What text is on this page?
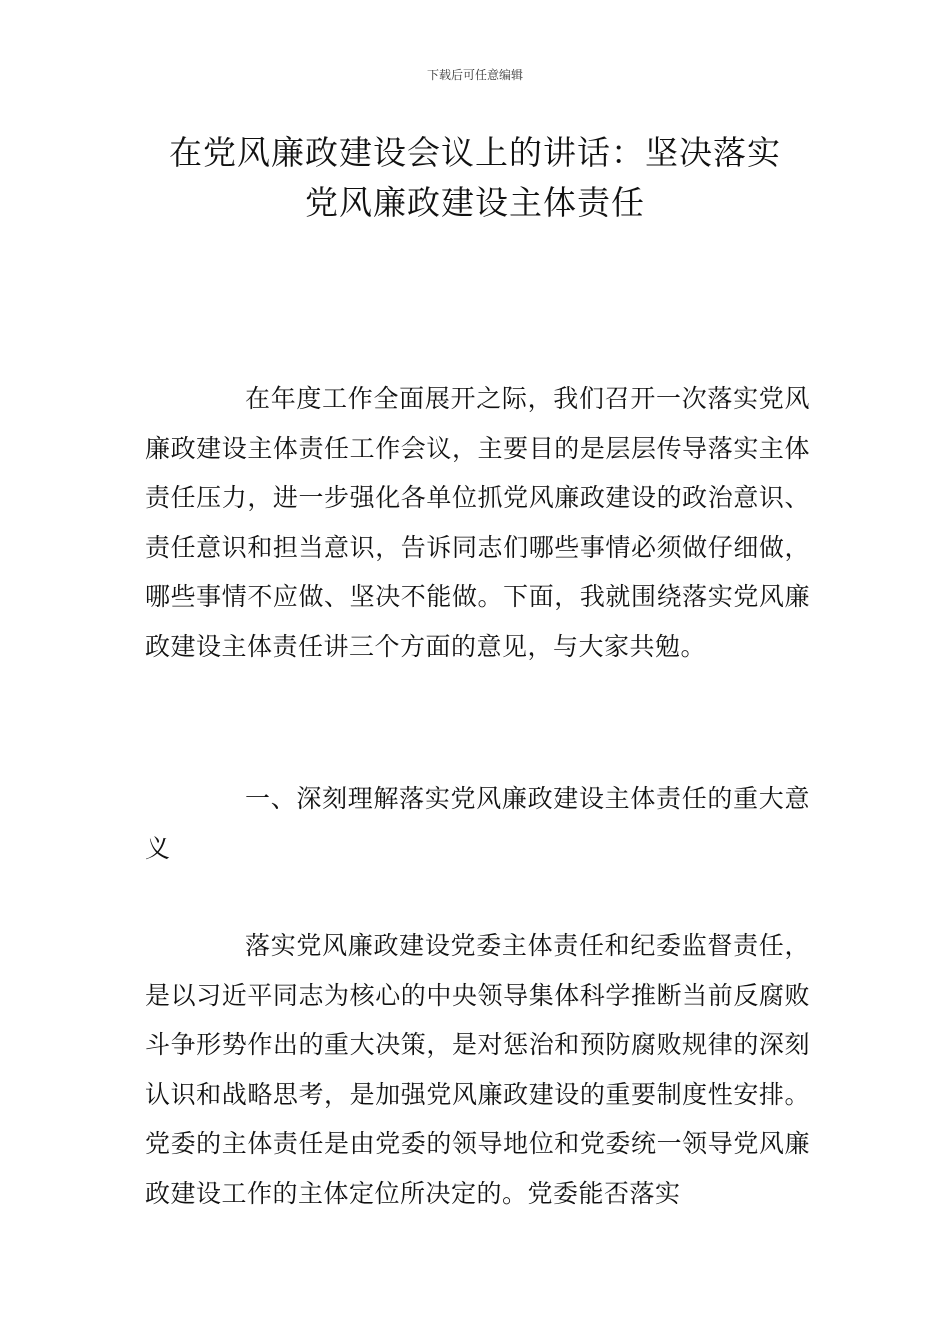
下载后可任意编辑
在党风廉政建设会议上的讲话：坚决落实
党风廉政建设主体责任

在年度工作全面展开之际，我们召开一次落实党风廉政建设主体责任工作会议，主要目的是层层传导落实主体责任压力，进一步强化各单位抓党风廉政建设的政治意识、责任意识和担当意识，告诉同志们哪些事情必须做仔细做，哪些事情不应做、坚决不能做。下面，我就围绕落实党风廉政建设主体责任讲三个方面的意见，与大家共勉。

一、深刻理解落实党风廉政建设主体责任的重大意义

落实党风廉政建设党委主体责任和纪委监督责任，是以习近平同志为核心的中央领导集体科学推断当前反腐败斗争形势作出的重大决策，是对惩治和预防腐败规律的深刻认识和战略思考，是加强党风廉政建设的重要制度性安排。党委的主体责任是由党委的领导地位和党委统一领导党风廉政建设工作的主体定位所决定的。党委能否落实
